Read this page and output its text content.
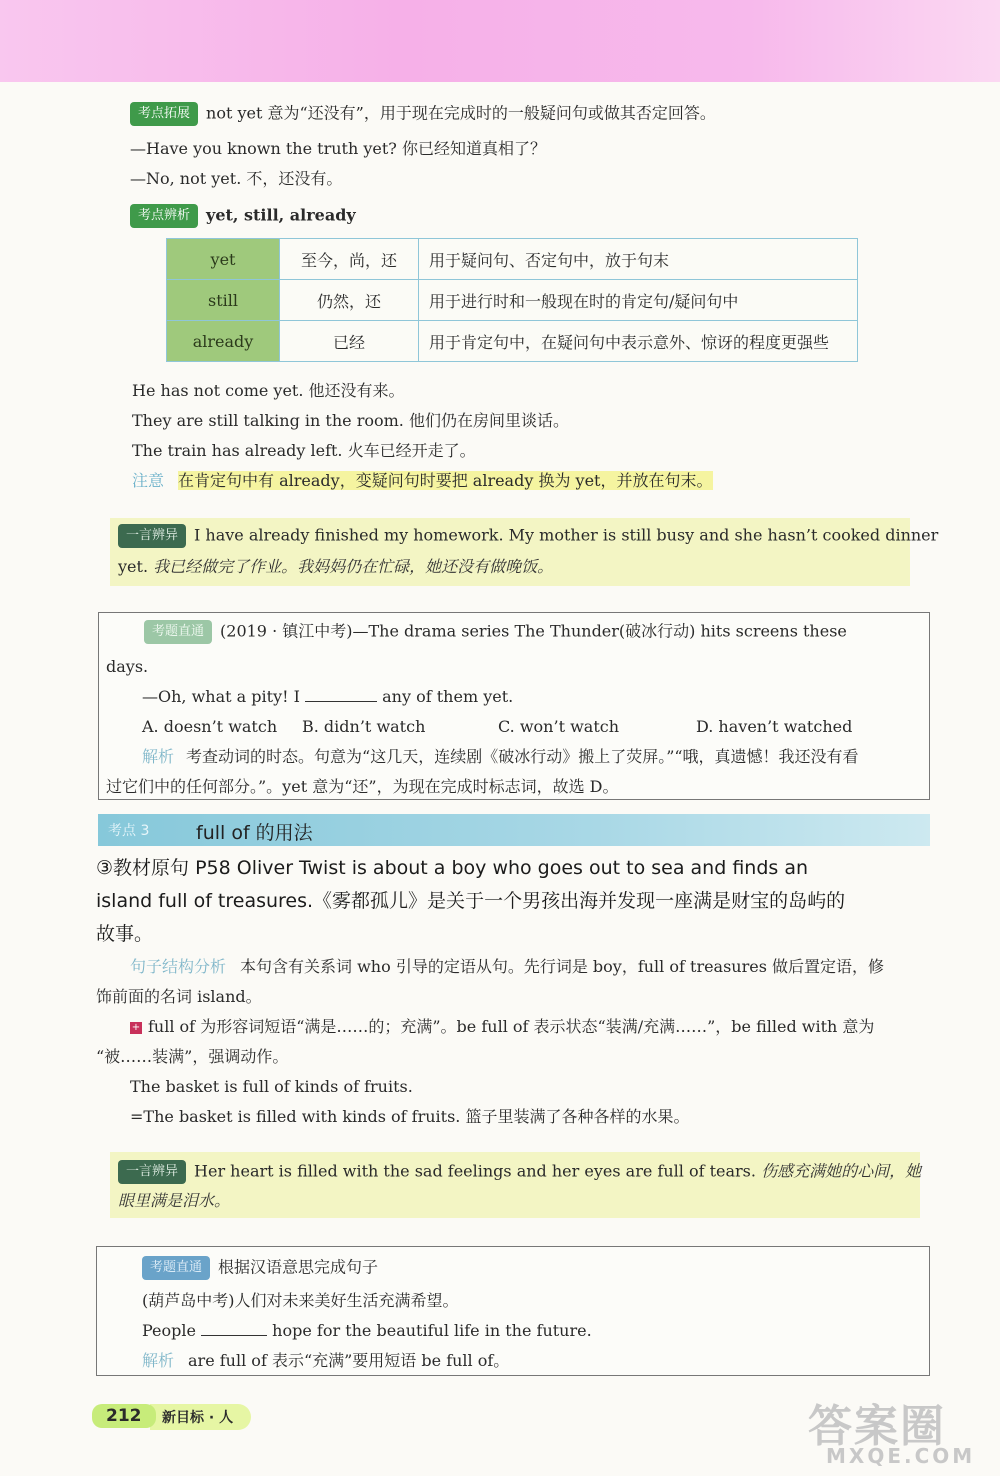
考点拓展 not yet 意为“还没有”，用于现在完成时的一般疑问句或做其否定回答。
—Have you known the truth yet? 你已经知道真相了？
—No, not yet. 不，还没有。
考点辨析 yet, still, already
yet	至今，尚，还	用于疑问句、否定句中，放于句末
still	仍然，还	用于进行时和一般现在时的肯定句/疑问句中
already	已经	用于肯定句中，在疑问句中表示意外、惊讶的程度更强些
He has not come yet. 他还没有来。
They are still talking in the room. 他们仍在房间里谈话。
The train has already left. 火车已经开走了。
注意 在肯定句中有 already，变疑问句时要把 already 换为 yet，并放在句末。
一言辨异 I have already finished my homework. My mother is still busy and she hasn’t cooked dinner
yet. 我已经做完了作业。我妈妈仍在忙碌，她还没有做晚饭。
考题直通 (2019 · 镇江中考)—The drama series The Thunder(破冰行动) hits screens these
days.
—Oh, what a pity! I	any of them yet.
A. doesn’t watch B. didn’t watch	C. won’t watch	D. haven’t watched
解析 考查动词的时态。句意为“这几天，连续剧《破冰行动》搬上了荧屏。”“哦，真遗憾！我还没有看
过它们中的任何部分。”。yet 意为“还”，为现在完成时标志词，故选 D。
考点 3 full of 的用法
③教材原句 P58 Oliver Twist is about a boy who goes out to sea and finds an
island full of treasures.《雾都孤儿》是关于一个男孩出海并发现一座满是财宝的岛屿的
故事。
句子结构分析 本句含有关系词 who 引导的定语从句。先行词是 boy，full of treasures 做后置定语，修
饰前面的名词 island。
+ full of 为形容词短语“满是……的；充满”。be full of 表示状态“装满/充满……”，be filled with 意为
“被……装满”，强调动作。
The basket is full of kinds of fruits.
=The basket is filled with kinds of fruits. 篮子里装满了各种各样的水果。
一言辨异 Her heart is filled with the sad feelings and her eyes are full of tears. 伤感充满她的心间，她
眼里满是泪水。
考题直通 根据汉语意思完成句子
(葫芦岛中考)人们对未来美好生活充满希望。
People	hope for the beautiful life in the future.
解析 are full of 表示“充满”要用短语 be full of。
新目标 · 人
212	答案圈
MXQE.COM
